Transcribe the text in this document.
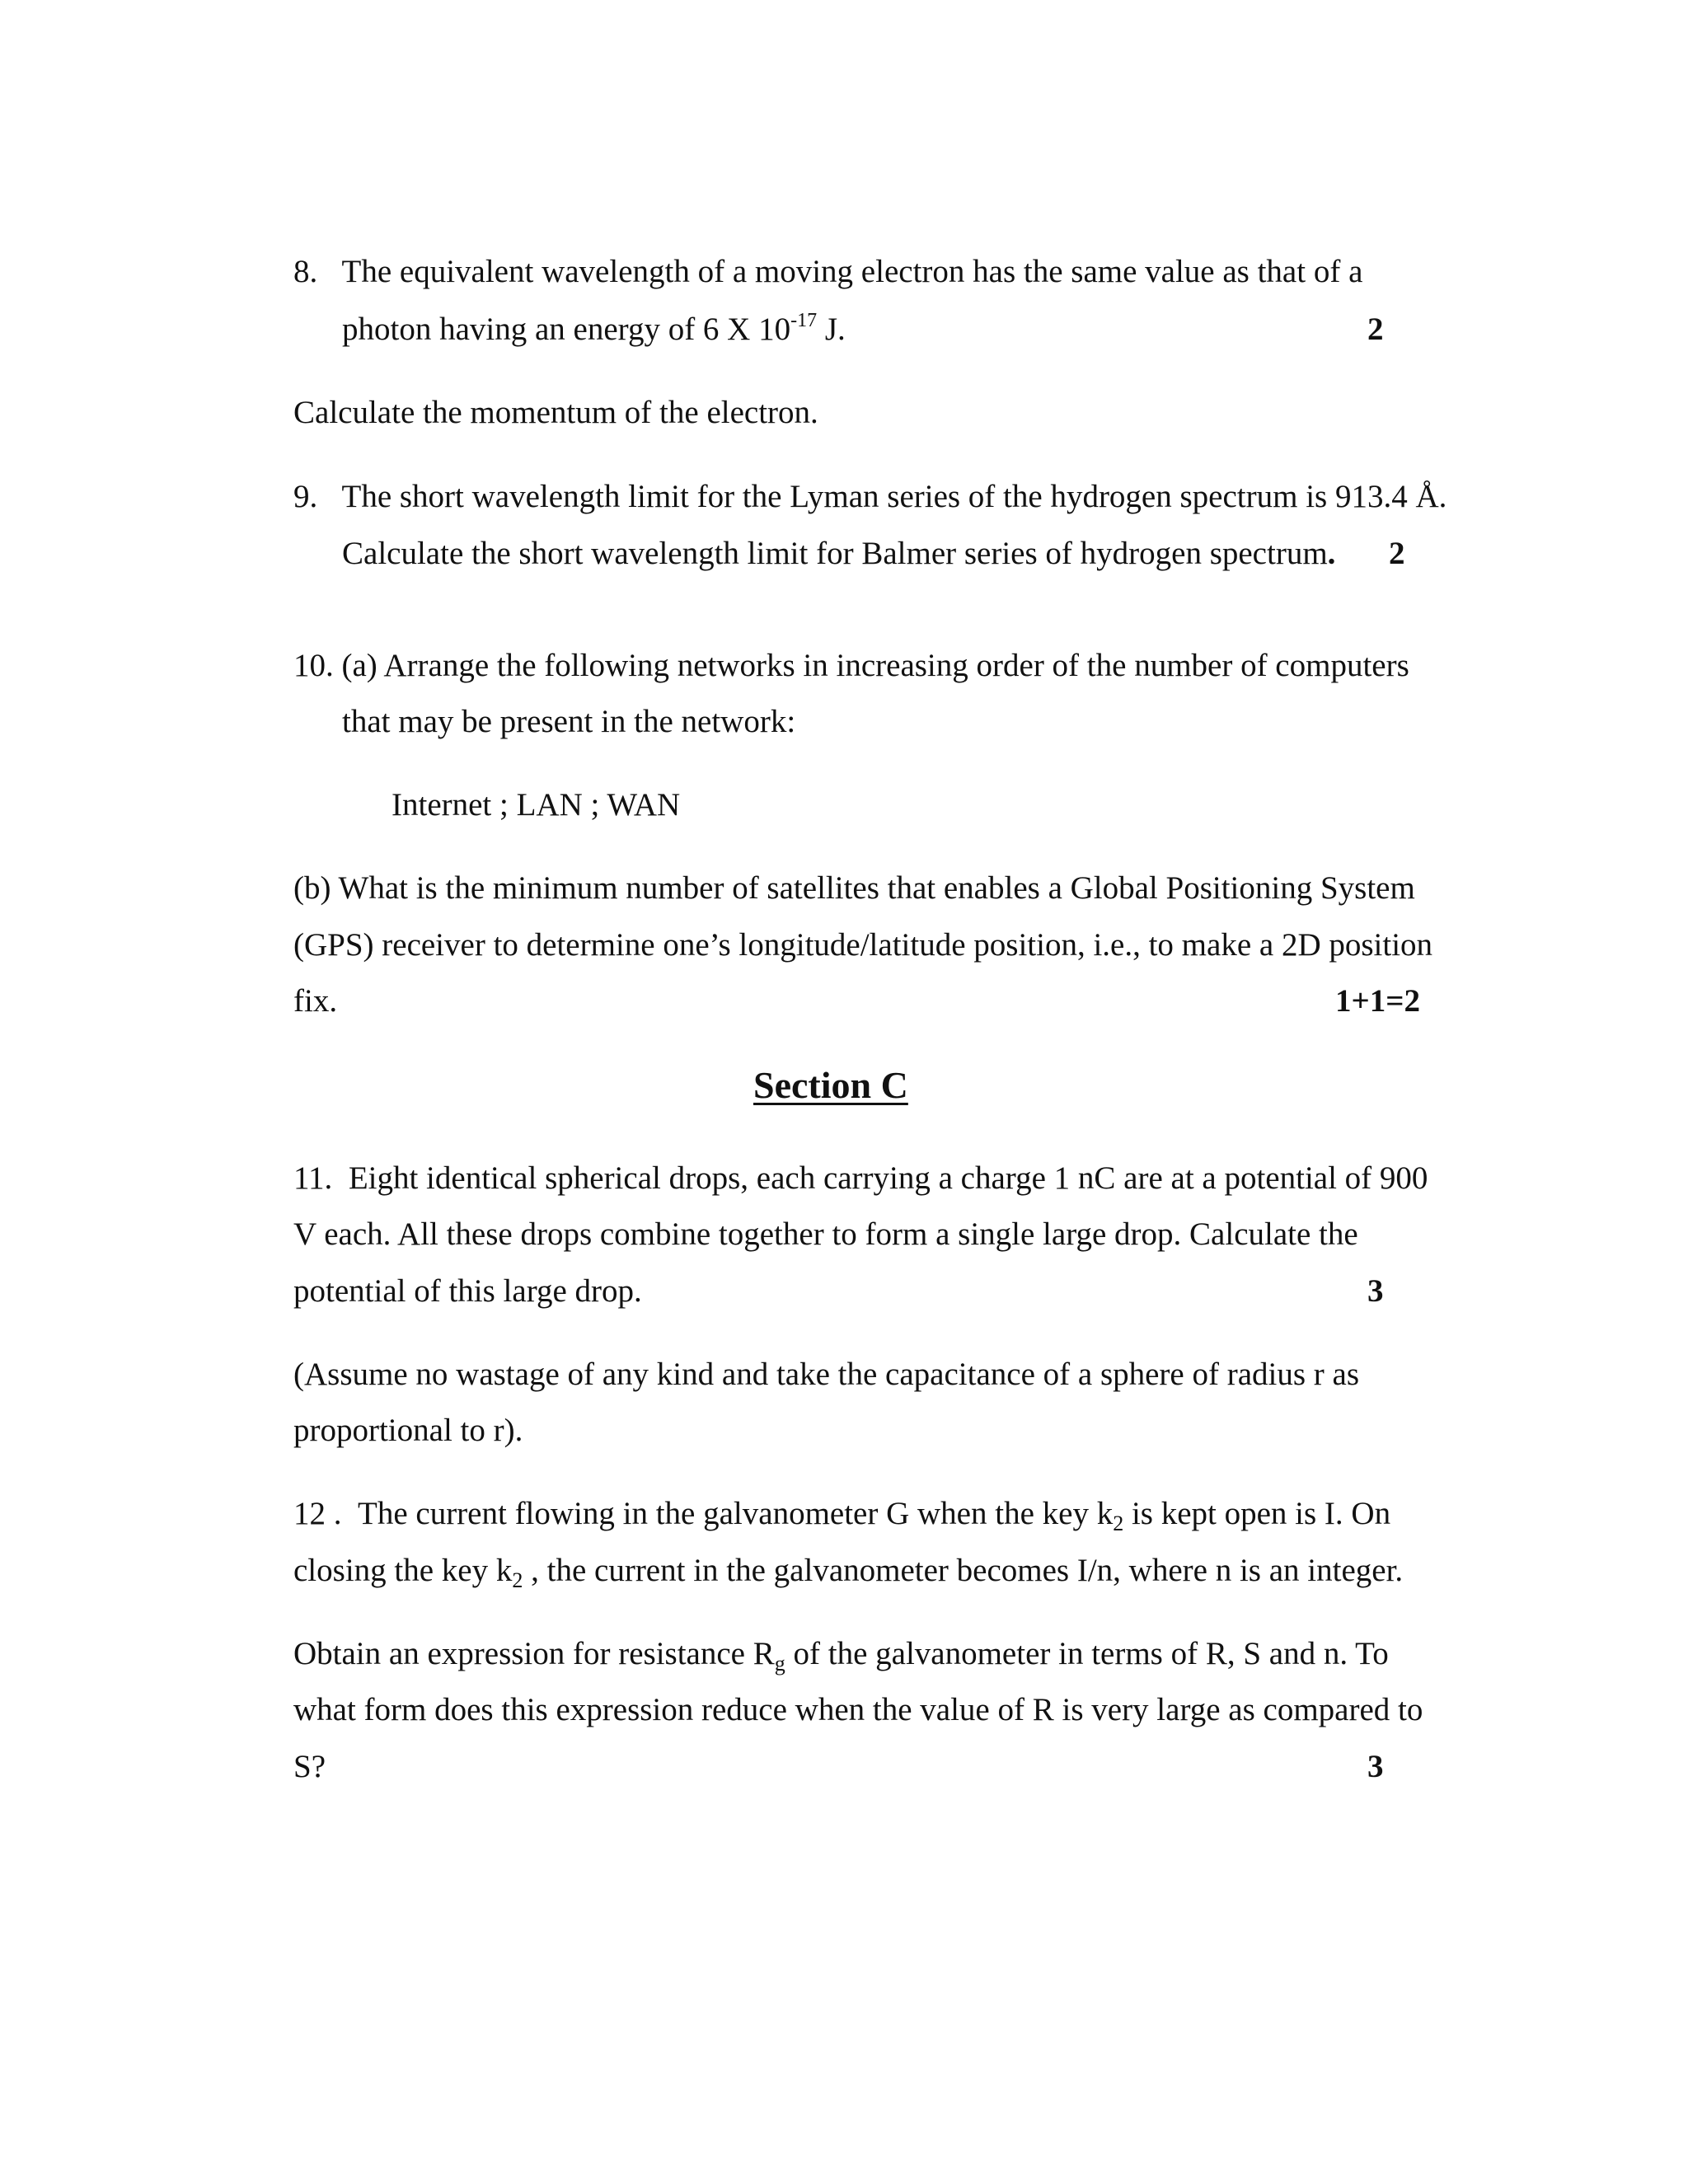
8. The equivalent wavelength of a moving electron has the same value as that of a
photon having an energy of 6 X $10^{-17}$ J.	2
Calculate the momentum of the electron.
9. The short wavelength limit for the Lyman series of the hydrogen spectrum is 913.4 Å.
Calculate the short wavelength limit for Balmer series of hydrogen spectrum. 2
10. (a) Arrange the following networks in increasing order of the number of computers
that may be present in the network:
Internet ; LAN ; WAN
(b) What is the minimum number of satellites that enables a Global Positioning System
(GPS) receiver to determine one’s longitude/latitude position, i.e., to make a 2D position
fix.	1+1=2
Section C
11. Eight identical spherical drops, each carrying a charge 1 nC are at a potential of 900
V each. All these drops combine together to form a single large drop. Calculate the
potential of this large drop.	3
(Assume no wastage of any kind and take the capacitance of a sphere of radius r as
proportional to r).
12 . The current flowing in the galvanometer G when the key $k_2$ is kept open is I. On
closing the key $k_2$ , the current in the galvanometer becomes I/n, where n is an integer.
Obtain an expression for resistance $R_g$ of the galvanometer in terms of R, S and n. To
what form does this expression reduce when the value of R is very large as compared to
S?	3
